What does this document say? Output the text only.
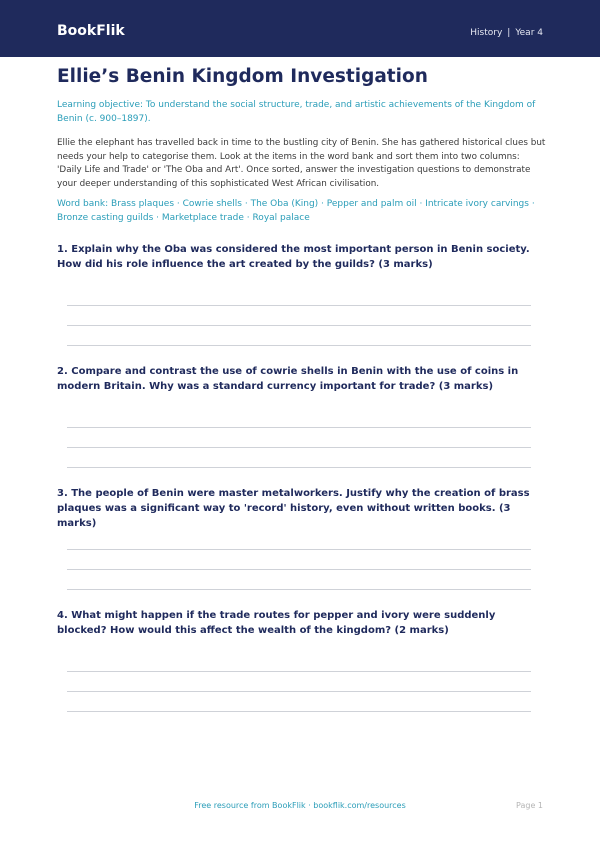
BookFlik	History | Year 4
Ellie’s Benin Kingdom Investigation
Learning objective: To understand the social structure, trade, and artistic achievements of the Kingdom of Benin (c. 900–1897).
Ellie the elephant has travelled back in time to the bustling city of Benin. She has gathered historical clues but needs your help to categorise them. Look at the items in the word bank and sort them into two columns: 'Daily Life and Trade' or 'The Oba and Art'. Once sorted, answer the investigation questions to demonstrate your deeper understanding of this sophisticated West African civilisation.
Word bank: Brass plaques · Cowrie shells · The Oba (King) · Pepper and palm oil · Intricate ivory carvings · Bronze casting guilds · Marketplace trade · Royal palace
1. Explain why the Oba was considered the most important person in Benin society. How did his role influence the art created by the guilds? (3 marks)
2. Compare and contrast the use of cowrie shells in Benin with the use of coins in modern Britain. Why was a standard currency important for trade? (3 marks)
3. The people of Benin were master metalworkers. Justify why the creation of brass plaques was a significant way to 'record' history, even without written books. (3 marks)
4. What might happen if the trade routes for pepper and ivory were suddenly blocked? How would this affect the wealth of the kingdom? (2 marks)
Free resource from BookFlik · bookflik.com/resources	Page 1
